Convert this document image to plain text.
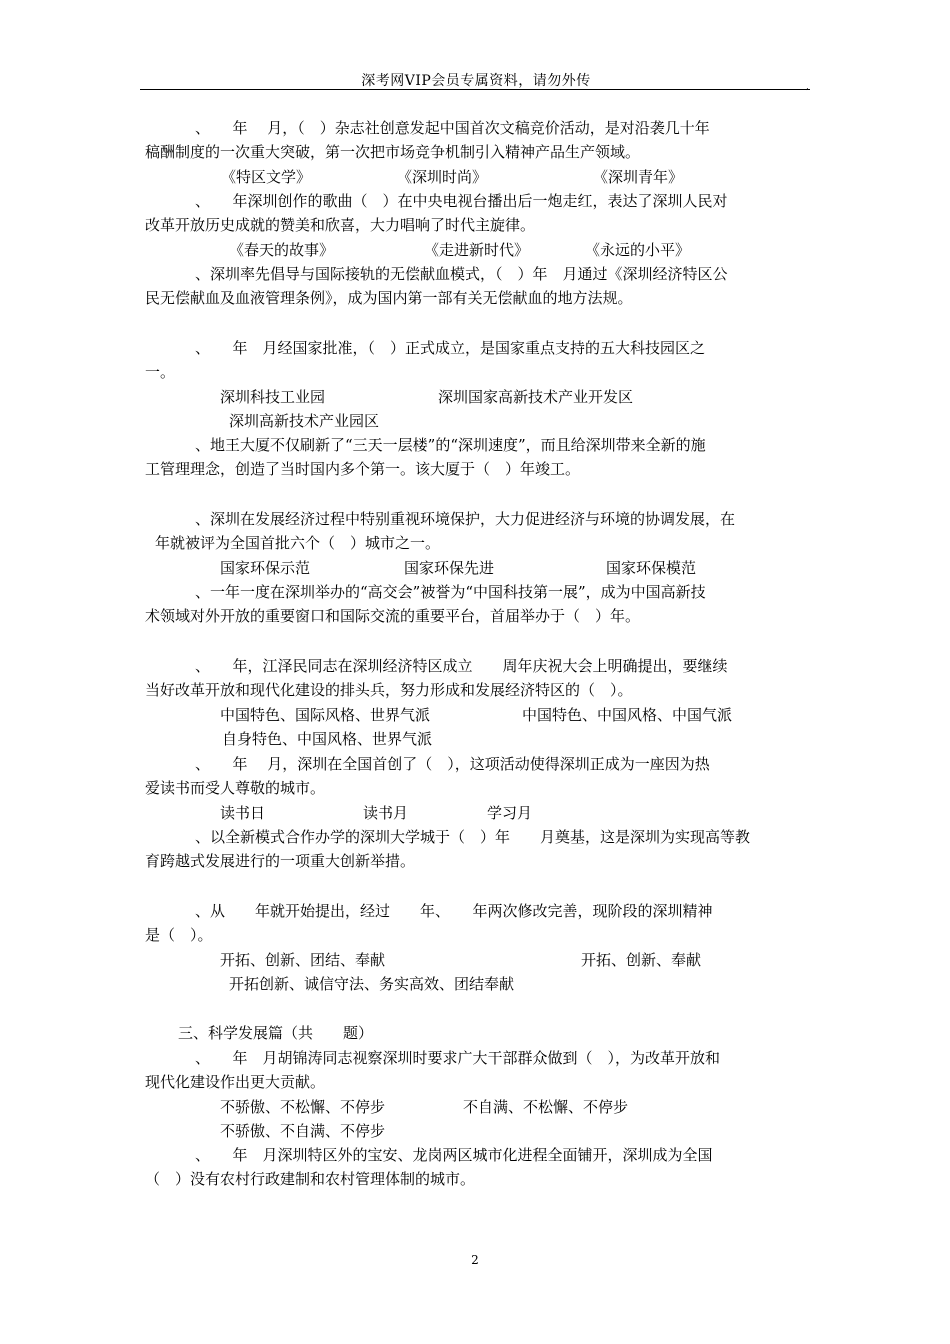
深考网VIP会员专属资料，请勿外传	,
、　　年　 月，（　）杂志社创意发起中国首次文稿竞价活动，是对沿袭几十年
稿酬制度的一次重大突破，第一次把市场竞争机制引入精神产品生产领域。
《特区文学》	《深圳时尚》	《深圳青年》
、　　年深圳创作的歌曲（　）在中央电视台播出后一炮走红，表达了深圳人民对
改革开放历史成就的赞美和欣喜，大力唱响了时代主旋律。
《春天的故事》	《走进新时代》	《永远的小平》
、深圳率先倡导与国际接轨的无偿献血模式，（　）年　月通过《深圳经济特区公
民无偿献血及血液管理条例》，成为国内第一部有关无偿献血的地方法规。
、　　年　月经国家批准，（　）正式成立，是国家重点支持的五大科技园区之
一。
深圳科技工业园	深圳国家高新技术产业开发区
深圳高新技术产业园区
、地王大厦不仅刷新了“三天一层楼”的“深圳速度”，而且给深圳带来全新的施
工管理理念，创造了当时国内多个第一。该大厦于（　）年竣工。
、深圳在发展经济过程中特别重视环境保护，大力促进经济与环境的协调发展，在
年就被评为全国首批六个（　）城市之一。
国家环保示范	国家环保先进	国家环保模范
、一年一度在深圳举办的“高交会”被誉为“中国科技第一展”，成为中国高新技
术领域对外开放的重要窗口和国际交流的重要平台，首届举办于（　）年。
、　　年，江泽民同志在深圳经济特区成立　　周年庆祝大会上明确提出，要继续
当好改革开放和现代化建设的排头兵，努力形成和发展经济特区的（　）。
中国特色、国际风格、世界气派	中国特色、中国风格、中国气派
自身特色、中国风格、世界气派
、　　年　 月，深圳在全国首创了（　），这项活动使得深圳正成为一座因为热
爱读书而受人尊敬的城市。
读书日	读书月	学习月
、以全新模式合作办学的深圳大学城于（　）年　　月奠基，这是深圳为实现高等教
育跨越式发展进行的一项重大创新举措。
、从　　年就开始提出，经过　　年、　　年两次修改完善，现阶段的深圳精神
是（　）。
开拓、创新、团结、奉献	开拓、创新、奉献
开拓创新、诚信守法、务实高效、团结奉献
三、科学发展篇（共　　题）
、　　年　月胡锦涛同志视察深圳时要求广大干部群众做到（　），为改革开放和
现代化建设作出更大贡献。
不骄傲、不松懈、不停步	不自满、不松懈、不停步
不骄傲、不自满、不停步
、　　年　月深圳特区外的宝安、龙岗两区城市化进程全面铺开，深圳成为全国
（　）没有农村行政建制和农村管理体制的城市。
2
